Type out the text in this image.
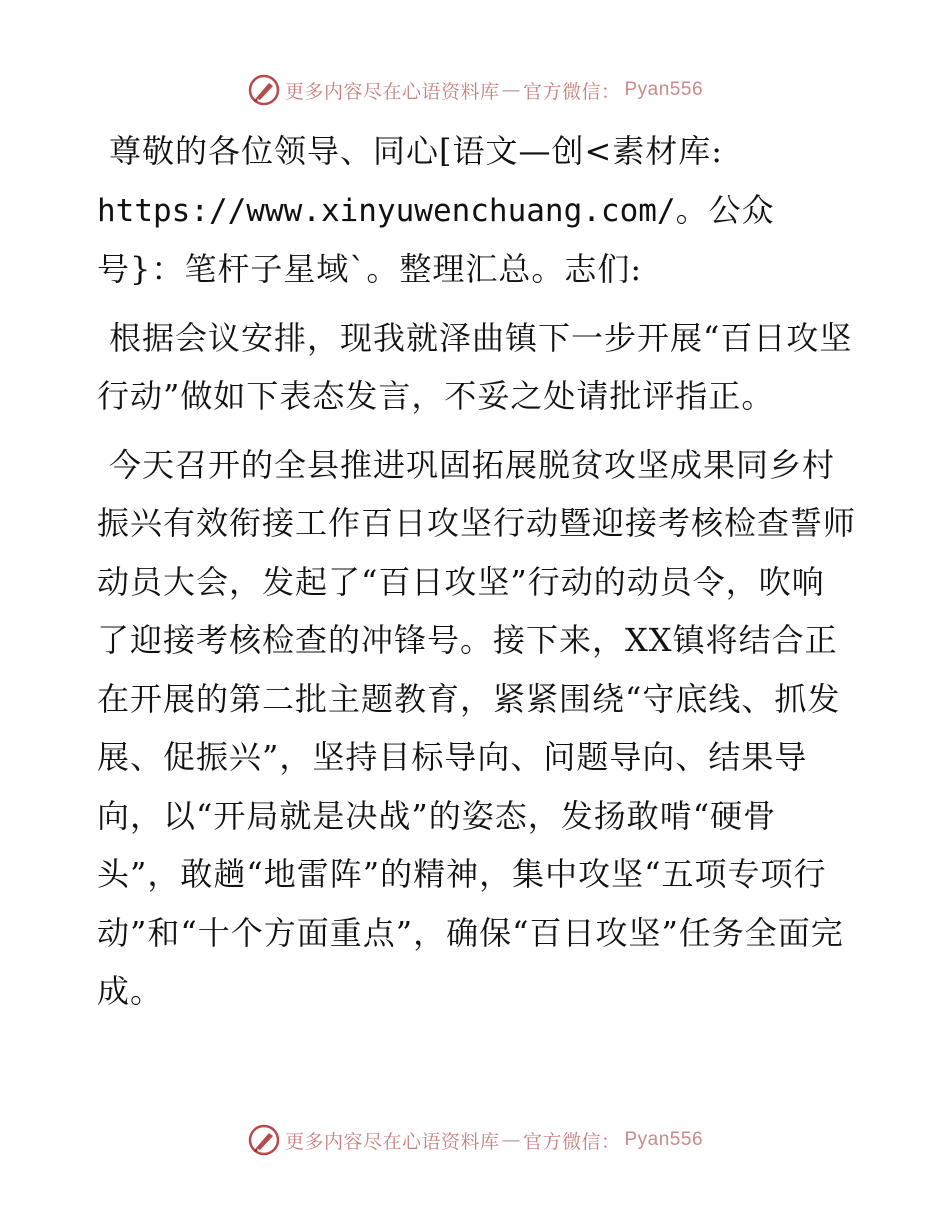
更多内容尽在心语资料库 — 官方微信： Pyan556

尊敬的各位领导、同心[语文—创<素材库:
https://www.xinyuwenchuang.com/。公众号}：笔杆子星域ˋ。整理汇总。志们:

根据会议安排，现我就泽曲镇下一步开展“百日攻坚行动”做如下表态发言，不妥之处请批评指正。

今天召开的全县推进巩固拓展脱贫攻坚成果同乡村振兴有效衔接工作百日攻坚行动暨迎接考核检查誓师动员大会，发起了“百日攻坚”行动的动员令，吹响了迎接考核检查的冲锋号。接下来，XX镇将结合正在开展的第二批主题教育，紧紧围绕“守底线、抓发展、促振兴”，坚持目标导向、问题导向、结果导向，以“开局就是决战”的姿态，发扬敢啃“硬骨头”，敢趟“地雷阵”的精神，集中攻坚“五项专项行动”和“十个方面重点”，确保“百日攻坚”任务全面完成。

更多内容尽在心语资料库 — 官方微信： Pyan556
